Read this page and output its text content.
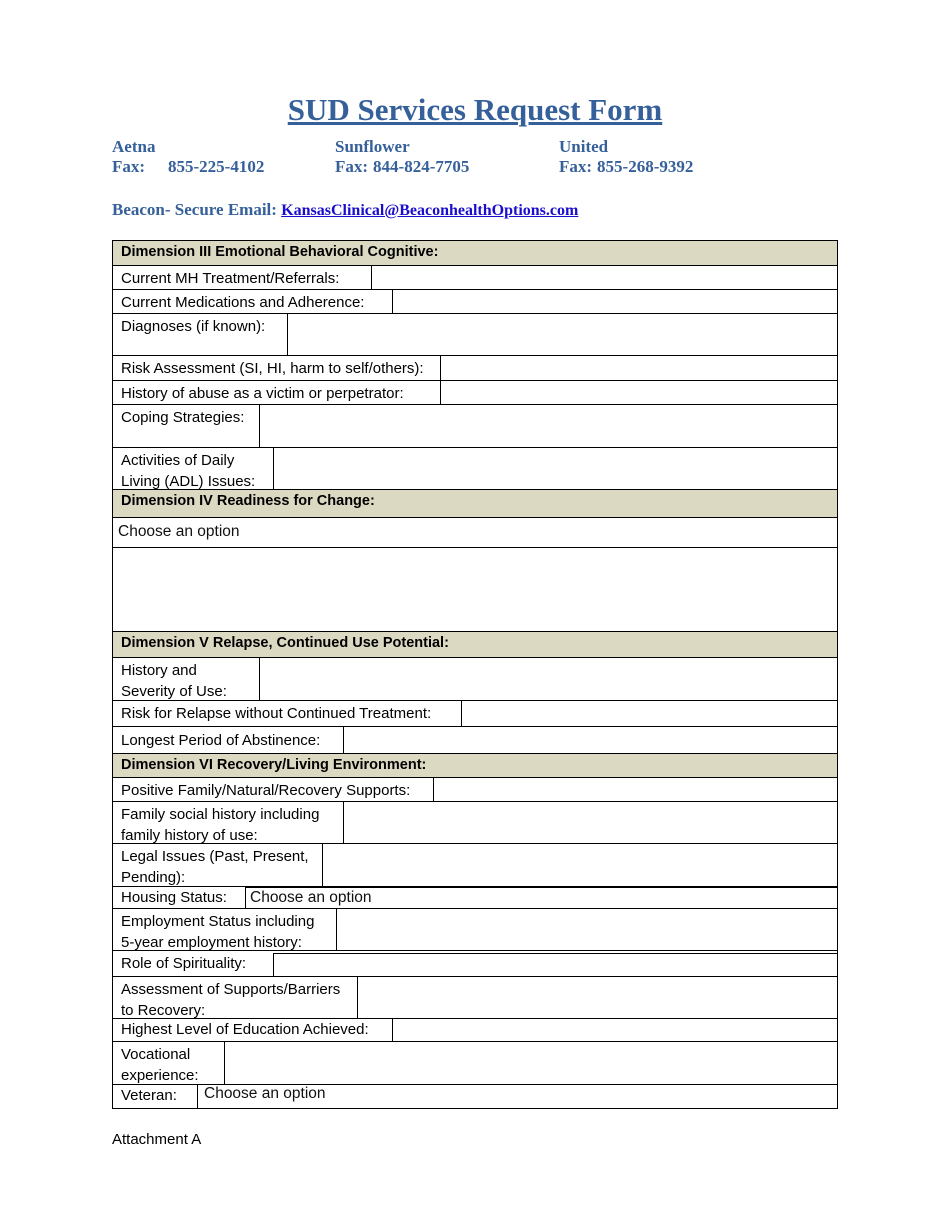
SUD Services Request Form
Aetna
Fax: 855-225-4102
Sunflower
Fax: 844-824-7705
United
Fax: 855-268-9392
Beacon- Secure Email: KansasClinical@BeaconhealthOptions.com
Dimension III Emotional Behavioral Cognitive:
Current MH Treatment/Referrals:
Current Medications and Adherence:
Diagnoses (if known):
Risk Assessment (SI, HI, harm to self/others):
History of abuse as a victim or perpetrator:
Coping Strategies:
Activities of Daily
Living (ADL) Issues:
Dimension IV Readiness for Change:
Choose an option
Dimension V Relapse, Continued Use Potential:
History and
Severity of Use:
Risk for Relapse without Continued Treatment:
Longest Period of Abstinence:
Dimension VI Recovery/Living Environment:
Positive Family/Natural/Recovery Supports:
Family social history including
family history of use:
Legal Issues (Past, Present,
Pending):
Housing Status: Choose an option
Employment Status including
5-year employment history:
Role of Spirituality:
Assessment of Supports/Barriers
to Recovery:
Highest Level of Education Achieved:
Vocational
experience:
Veteran: Choose an option
Attachment A
